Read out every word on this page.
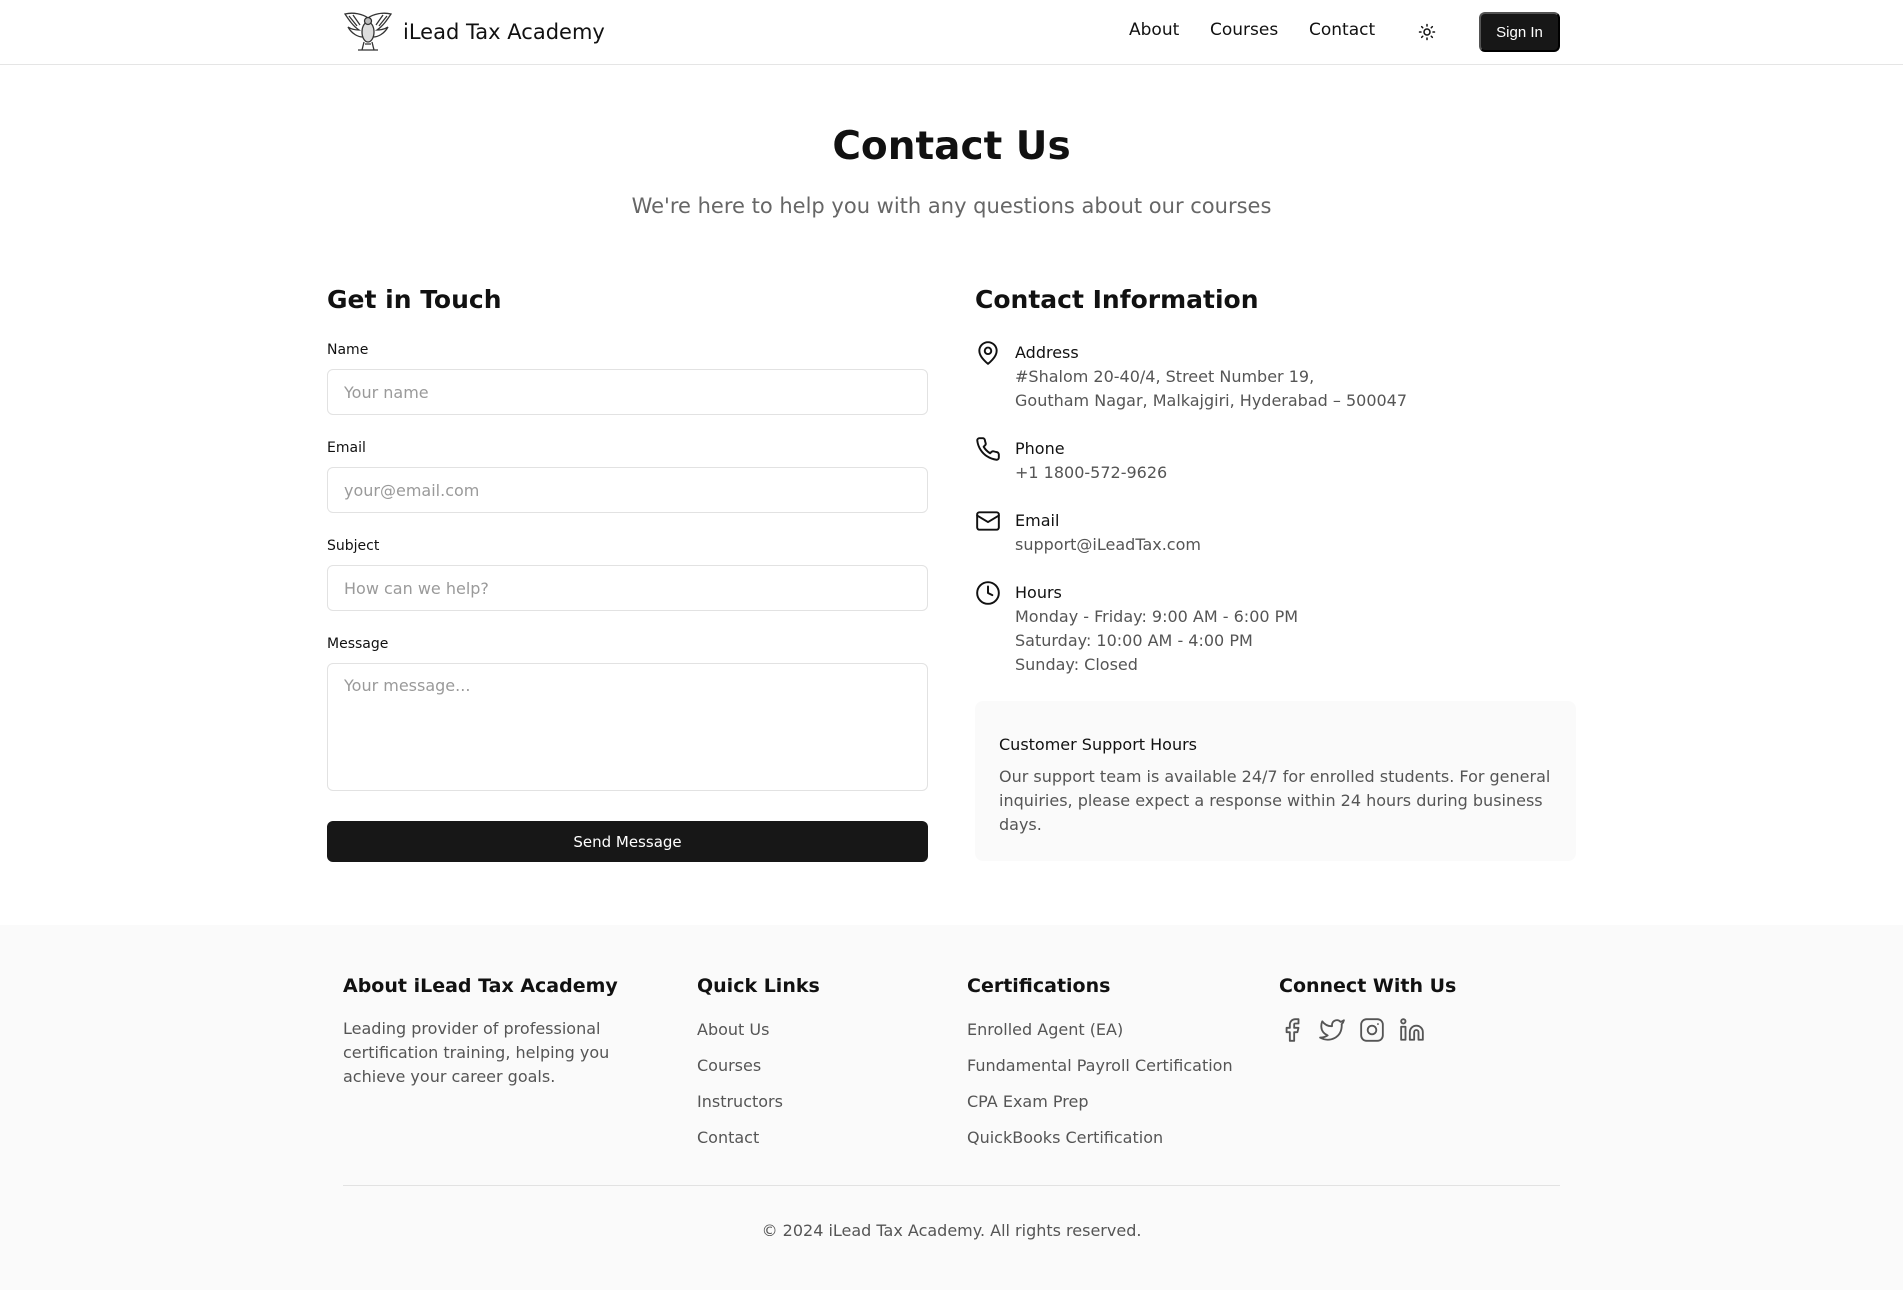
iLead Tax Academy	About Courses Contact	Sign In
Contact Us

We're here to help you with any questions about our courses

Get in Touch
Name
Your name
Email
your@email.com
Subject
How can we help?
Message
Your message...
Send Message
Contact Information
Address
#Shalom 20-40/4, Street Number 19,
Goutham Nagar, Malkajgiri, Hyderabad – 500047
Phone
+1 1800-572-9626
Email
support@iLeadTax.com
Hours
Monday - Friday: 9:00 AM - 6:00 PM
Saturday: 10:00 AM - 4:00 PM
Sunday: Closed
Customer Support Hours
Our support team is available 24/7 for enrolled students. For general inquiries, please expect a response within 24 hours during business days.
About iLead Tax Academy

Leading provider of professional certification training, helping you achieve your career goals.

Quick Links
About Us
Courses
Instructors
Contact
Certifications
Enrolled Agent (EA)
Fundamental Payroll Certification
CPA Exam Prep
QuickBooks Certification
Connect With Us

© 2024 iLead Tax Academy. All rights reserved.
